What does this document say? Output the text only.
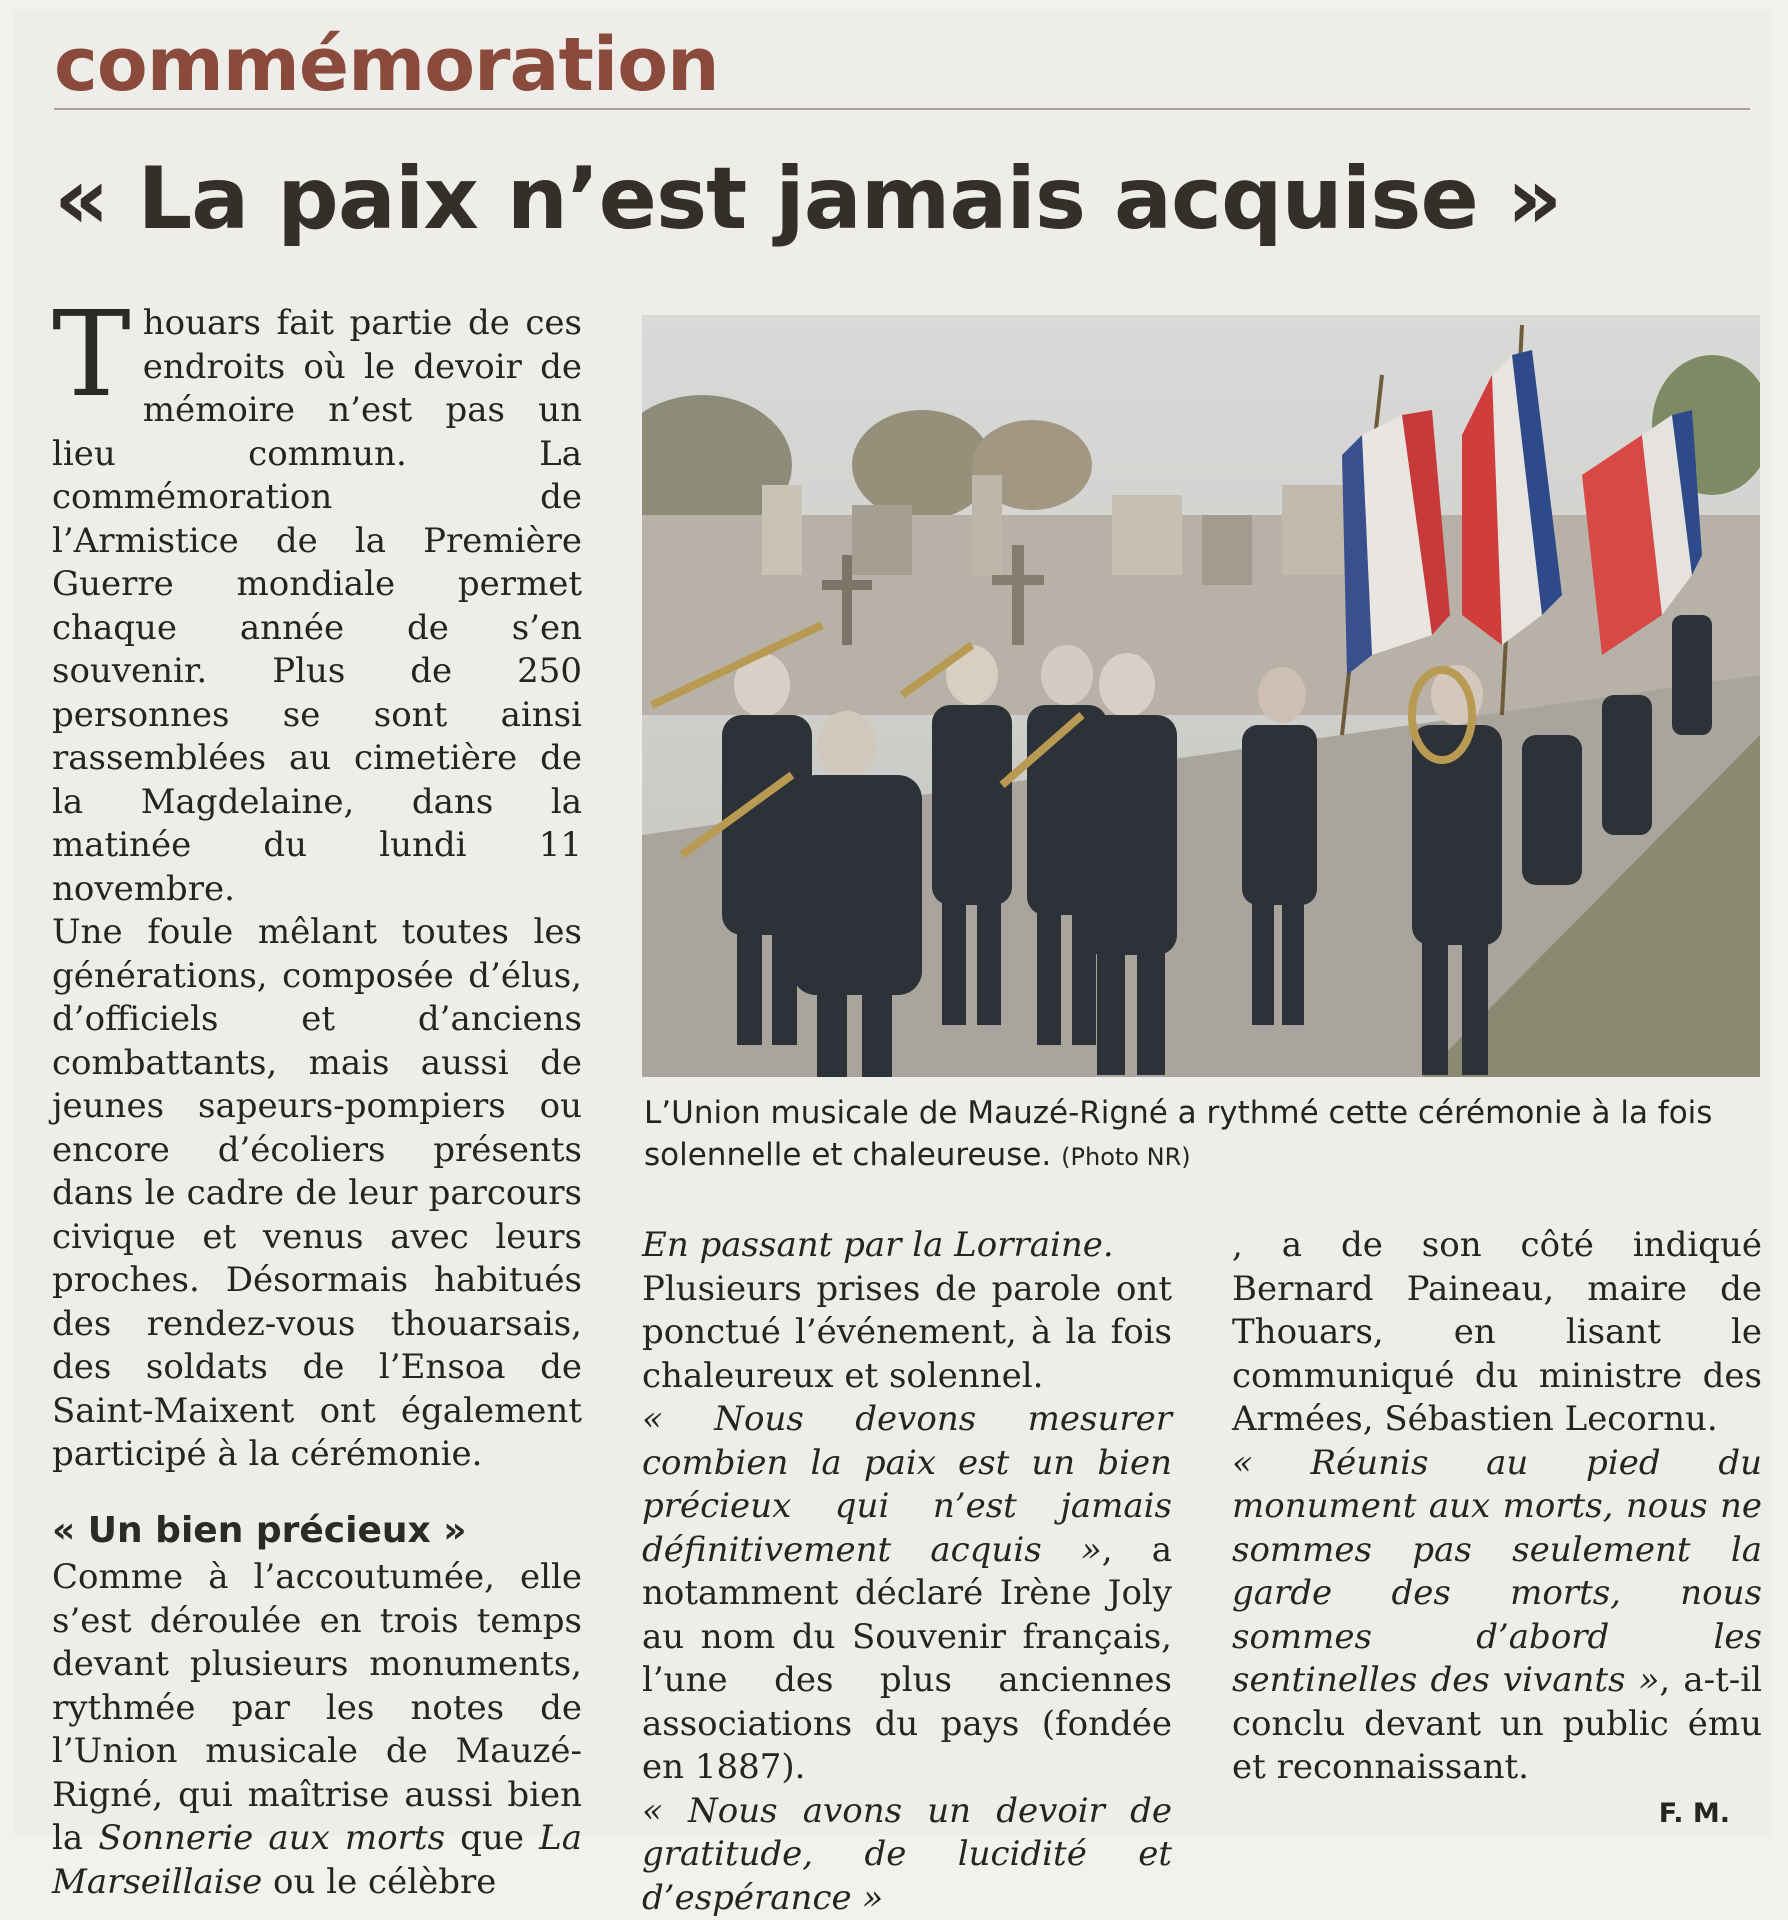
commémoration
« La paix n’est jamais acquise »

Thouars fait partie de ces endroits où le devoir de mémoire n’est pas un lieu commun. La commémoration de l’Armistice de la Première Guerre mondiale permet chaque année de s’en souvenir. Plus de 250 personnes se sont ainsi rassemblées au cimetière de la Magdelaine, dans la matinée du lundi 11 novembre.

Une foule mêlant toutes les générations, composée d’élus, d’officiels et d’anciens combattants, mais aussi de jeunes sapeurs-pompiers ou encore d’écoliers présents dans le cadre de leur parcours civique et venus avec leurs proches. Désormais habitués des rendez-vous thouarsais, des soldats de l’Ensoa de Saint-Maixent ont également participé à la cérémonie.

« Un bien précieux »

Comme à l’accoutumée, elle s’est déroulée en trois temps devant plusieurs monuments, rythmée par les notes de l’Union musicale de Mauzé-Rigné, qui maîtrise aussi bien la Sonnerie aux morts que La Marseillaise ou le célèbre

L’Union musicale de Mauzé-Rigné a rythmé cette cérémonie à la fois solennelle et chaleureuse. (Photo NR)

En passant par la Lorraine.

Plusieurs prises de parole ont ponctué l’événement, à la fois chaleureux et solennel.

« Nous devons mesurer combien la paix est un bien précieux qui n’est jamais définitivement acquis », a notamment déclaré Irène Joly au nom du Souvenir français, l’une des plus anciennes associations du pays (fondée en 1887).

« Nous avons un devoir de gratitude, de lucidité et d’espérance »

, a de son côté indiqué Bernard Paineau, maire de Thouars, en lisant le communiqué du ministre des Armées, Sébastien Lecornu.

« Réunis au pied du monument aux morts, nous ne sommes pas seulement la garde des morts, nous sommes d’abord les sentinelles des vivants », a-t-il conclu devant un public ému et reconnaissant.

F. M.
